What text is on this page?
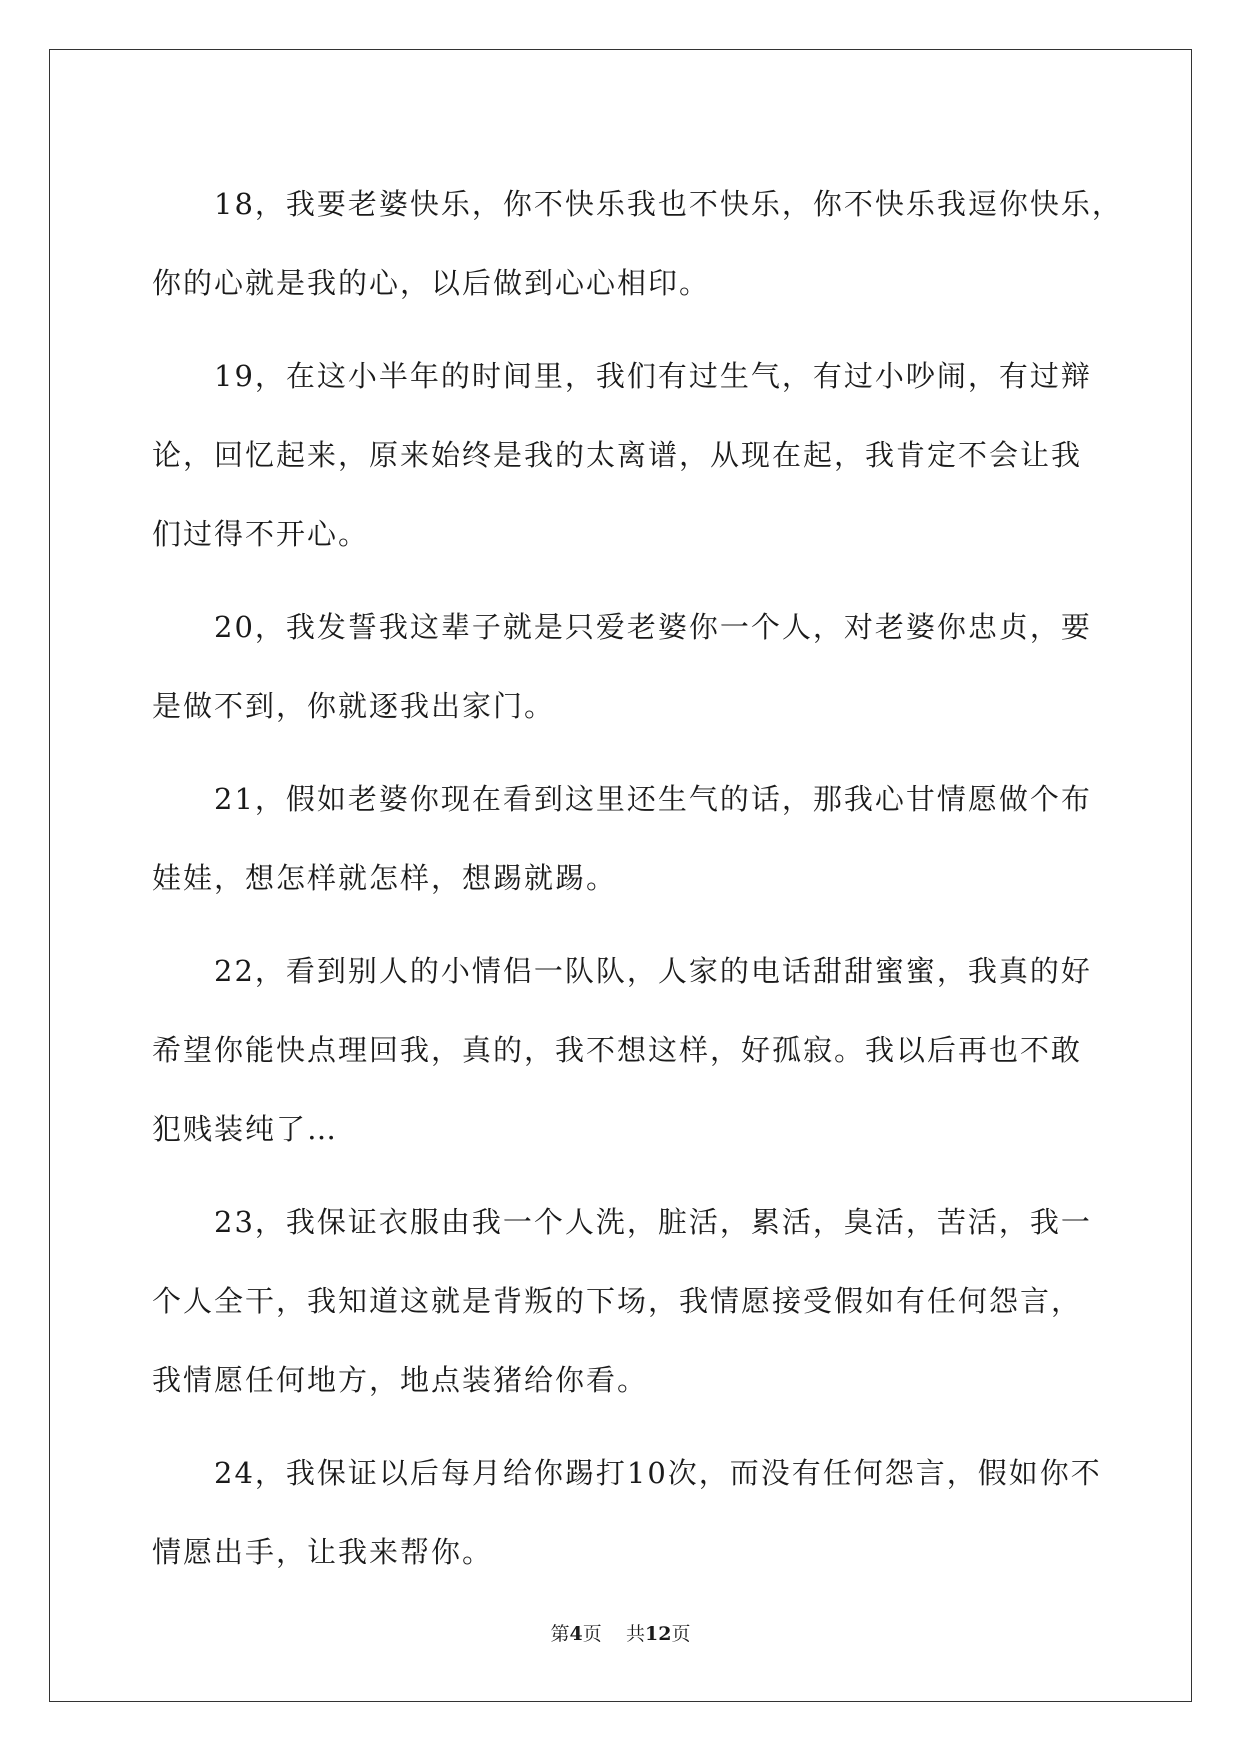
18，我要老婆快乐，你不快乐我也不快乐，你不快乐我逗你快乐，
你的心就是我的心，以后做到心心相印。

19，在这小半年的时间里，我们有过生气，有过小吵闹，有过辩
论，回忆起来，原来始终是我的太离谱，从现在起，我肯定不会让我
们过得不开心。

20，我发誓我这辈子就是只爱老婆你一个人，对老婆你忠贞，要
是做不到，你就逐我出家门。

21，假如老婆你现在看到这里还生气的话，那我心甘情愿做个布
娃娃，想怎样就怎样，想踢就踢。

22，看到别人的小情侣一队队，人家的电话甜甜蜜蜜，我真的好
希望你能快点理回我，真的，我不想这样，好孤寂。我以后再也不敢
犯贱装纯了…

23，我保证衣服由我一个人洗，脏活，累活，臭活，苦活，我一
个人全干，我知道这就是背叛的下场，我情愿接受假如有任何怨言，
我情愿任何地方，地点装猪给你看。

24，我保证以后每月给你踢打10次，而没有任何怨言，假如你不
情愿出手，让我来帮你。

第4页 共12页
